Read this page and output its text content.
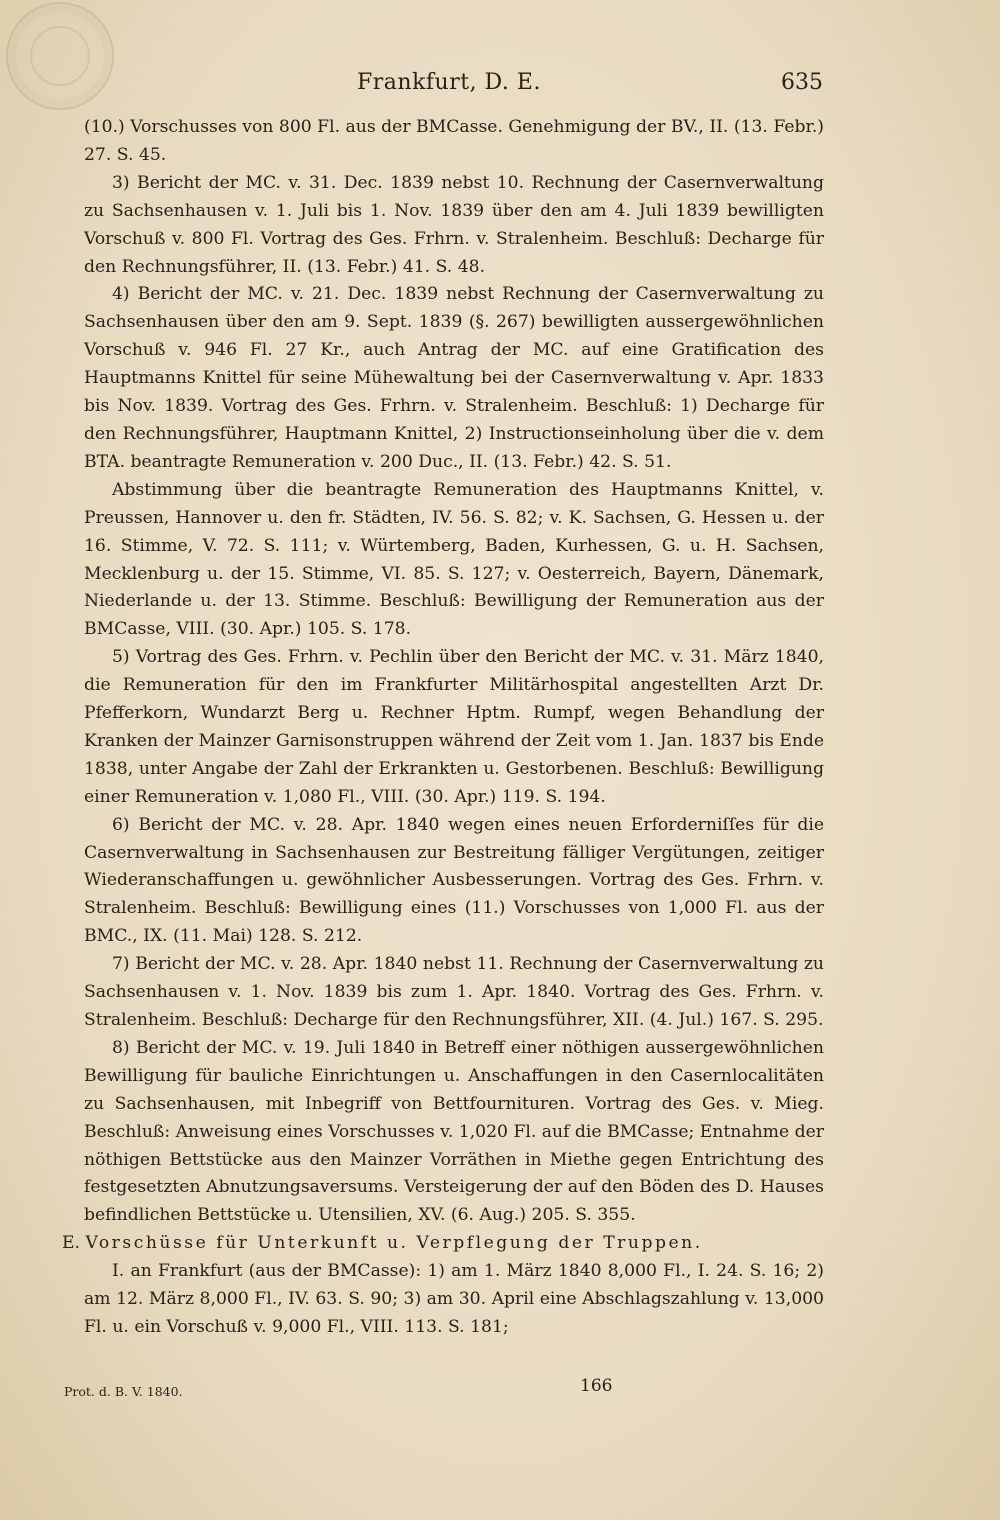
Frankfurt, D. E.	635

(10.) Vorschusses von 800 Fl. aus der BMCasse. Genehmigung der BV., II. (13. Febr.) 27. S. 45.

3) Bericht der MC. v. 31. Dec. 1839 nebst 10. Rechnung der Casernverwaltung zu Sachsenhausen v. 1. Juli bis 1. Nov. 1839 über den am 4. Juli 1839 bewilligten Vorschuß v. 800 Fl. Vortrag des Ges. Frhrn. v. Stralenheim. Beschluß: Decharge für den Rechnungsführer, II. (13. Febr.) 41. S. 48.

4) Bericht der MC. v. 21. Dec. 1839 nebst Rechnung der Casernverwaltung zu Sachsenhausen über den am 9. Sept. 1839 (§. 267) bewilligten aussergewöhnlichen Vorschuß v. 946 Fl. 27 Kr., auch Antrag der MC. auf eine Gratification des Hauptmanns Knittel für seine Mühewaltung bei der Casernverwaltung v. Apr. 1833 bis Nov. 1839. Vortrag des Ges. Frhrn. v. Stralenheim. Beschluß: 1) Decharge für den Rechnungsführer, Hauptmann Knittel, 2) Instructionseinholung über die v. dem BTA. beantragte Remuneration v. 200 Duc., II. (13. Febr.) 42. S. 51.

Abstimmung über die beantragte Remuneration des Hauptmanns Knittel, v. Preussen, Hannover u. den fr. Städten, IV. 56. S. 82; v. K. Sachsen, G. Hessen u. der 16. Stimme, V. 72. S. 111; v. Würtemberg, Baden, Kurhessen, G. u. H. Sachsen, Mecklenburg u. der 15. Stimme, VI. 85. S. 127; v. Oesterreich, Bayern, Dänemark, Niederlande u. der 13. Stimme. Beschluß: Bewilligung der Remuneration aus der BMCasse, VIII. (30. Apr.) 105. S. 178.

5) Vortrag des Ges. Frhrn. v. Pechlin über den Bericht der MC. v. 31. März 1840, die Remuneration für den im Frankfurter Militärhospital angestellten Arzt Dr. Pfefferkorn, Wundarzt Berg u. Rechner Hptm. Rumpf, wegen Behandlung der Kranken der Mainzer Garnisonstruppen während der Zeit vom 1. Jan. 1837 bis Ende 1838, unter Angabe der Zahl der Erkrankten u. Gestorbenen. Beschluß: Bewilligung einer Remuneration v. 1,080 Fl., VIII. (30. Apr.) 119. S. 194.

6) Bericht der MC. v. 28. Apr. 1840 wegen eines neuen Erforderniſſes für die Casernverwaltung in Sachsenhausen zur Bestreitung fälliger Vergütungen, zeitiger Wiederanschaffungen u. gewöhnlicher Ausbesserungen. Vortrag des Ges. Frhrn. v. Stralenheim. Beschluß: Bewilligung eines (11.) Vorschusses von 1,000 Fl. aus der BMC., IX. (11. Mai) 128. S. 212.

7) Bericht der MC. v. 28. Apr. 1840 nebst 11. Rechnung der Casernverwaltung zu Sachsenhausen v. 1. Nov. 1839 bis zum 1. Apr. 1840. Vortrag des Ges. Frhrn. v. Stralenheim. Beschluß: Decharge für den Rechnungsführer, XII. (4. Jul.) 167. S. 295.

8) Bericht der MC. v. 19. Juli 1840 in Betreff einer nöthigen aussergewöhnlichen Bewilligung für bauliche Einrichtungen u. Anschaffungen in den Casernlocalitäten zu Sachsenhausen, mit Inbegriff von Bettfournituren. Vortrag des Ges. v. Mieg. Beschluß: Anweisung eines Vorschusses v. 1,020 Fl. auf die BMCasse; Entnahme der nöthigen Bettstücke aus den Mainzer Vorräthen in Miethe gegen Entrichtung des festgesetzten Abnutzungsaversums. Versteigerung der auf den Böden des D. Hauses befindlichen Bettstücke u. Utensilien, XV. (6. Aug.) 205. S. 355.

E. Vorschüsse für Unterkunft u. Verpflegung der Truppen.

I. an Frankfurt (aus der BMCasse): 1) am 1. März 1840 8,000 Fl., I. 24. S. 16; 2) am 12. März 8,000 Fl., IV. 63. S. 90; 3) am 30. April eine Abschlagszahlung v. 13,000 Fl. u. ein Vorschuß v. 9,000 Fl., VIII. 113. S. 181;

Prot. d. B. V. 1840.	166
